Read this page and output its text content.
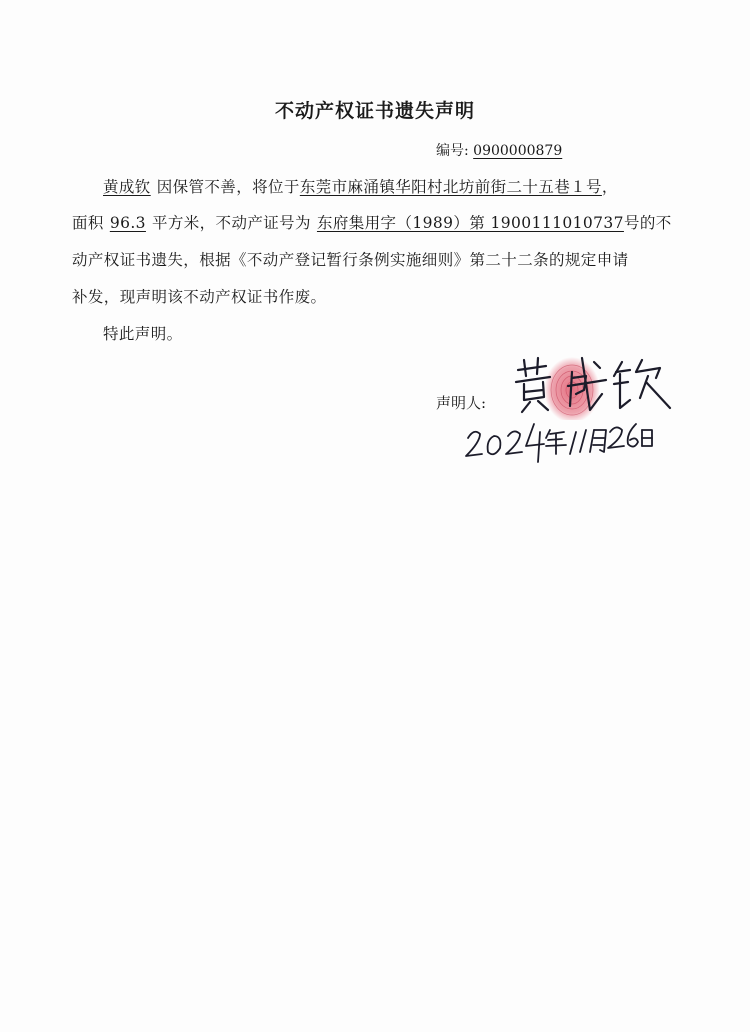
不动产权证书遗失声明
编号: 0900000879
黄成钦 因保管不善，将位于东莞市麻涌镇华阳村北坊前街二十五巷１号，
面积 96.3 平方米，不动产证号为 东府集用字（1989）第 1900111010737号的不
动产权证书遗失，根据《不动产登记暂行条例实施细则》第二十二条的规定申请
补发，现声明该不动产权证书作废。
特此声明。
声明人:
